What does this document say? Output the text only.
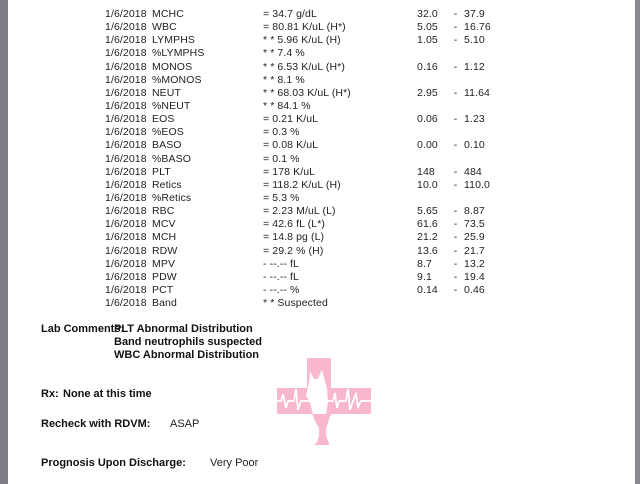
1/6/2018 MCHC	= 34.7 g/dL	32.0	- 37.9
1/6/2018 WBC	= 80.81 K/uL (H*)	5.05	- 16.76
1/6/2018 LYMPHS	* * 5.96 K/uL (H)	1.05	- 5.10
1/6/2018 %LYMPHS	* * 7.4 %
1/6/2018 MONOS	* * 6.53 K/uL (H*)	0.16	- 1.12
1/6/2018 %MONOS	* * 8.1 %
1/6/2018 NEUT	* * 68.03 K/uL (H*)	2.95	- 11.64
1/6/2018 %NEUT	* * 84.1 %
1/6/2018 EOS	= 0.21 K/uL	0.06	- 1.23
1/6/2018 %EOS	= 0.3 %
1/6/2018 BASO	= 0.08 K/uL	0.00	- 0.10
1/6/2018 %BASO	= 0.1 %
1/6/2018 PLT	= 178 K/uL	148	- 484
1/6/2018 Retics	= 118.2 K/uL (H)	10.0	- 110.0
1/6/2018 %Retics	= 5.3 %
1/6/2018 RBC	= 2.23 M/uL (L)	5.65	- 8.87
1/6/2018 MCV	= 42.6 fL (L*)	61.6	- 73.5
1/6/2018 MCH	= 14.8 pg (L)	21.2	- 25.9
1/6/2018 RDW	= 29.2 % (H)	13.6	- 21.7
1/6/2018 MPV	- --.-- fL	8.7	- 13.2
1/6/2018 PDW	- --.-- fL	9.1	- 19.4
1/6/2018 PCT	- --.-- %	0.14	- 0.46
1/6/2018 Band	* * Suspected
Lab Comments:
PLT Abnormal Distribution
Band neutrophils suspected
WBC Abnormal Distribution
Rx: None at this time
Recheck with RDVM: ASAP
Prognosis Upon Discharge: Very Poor
